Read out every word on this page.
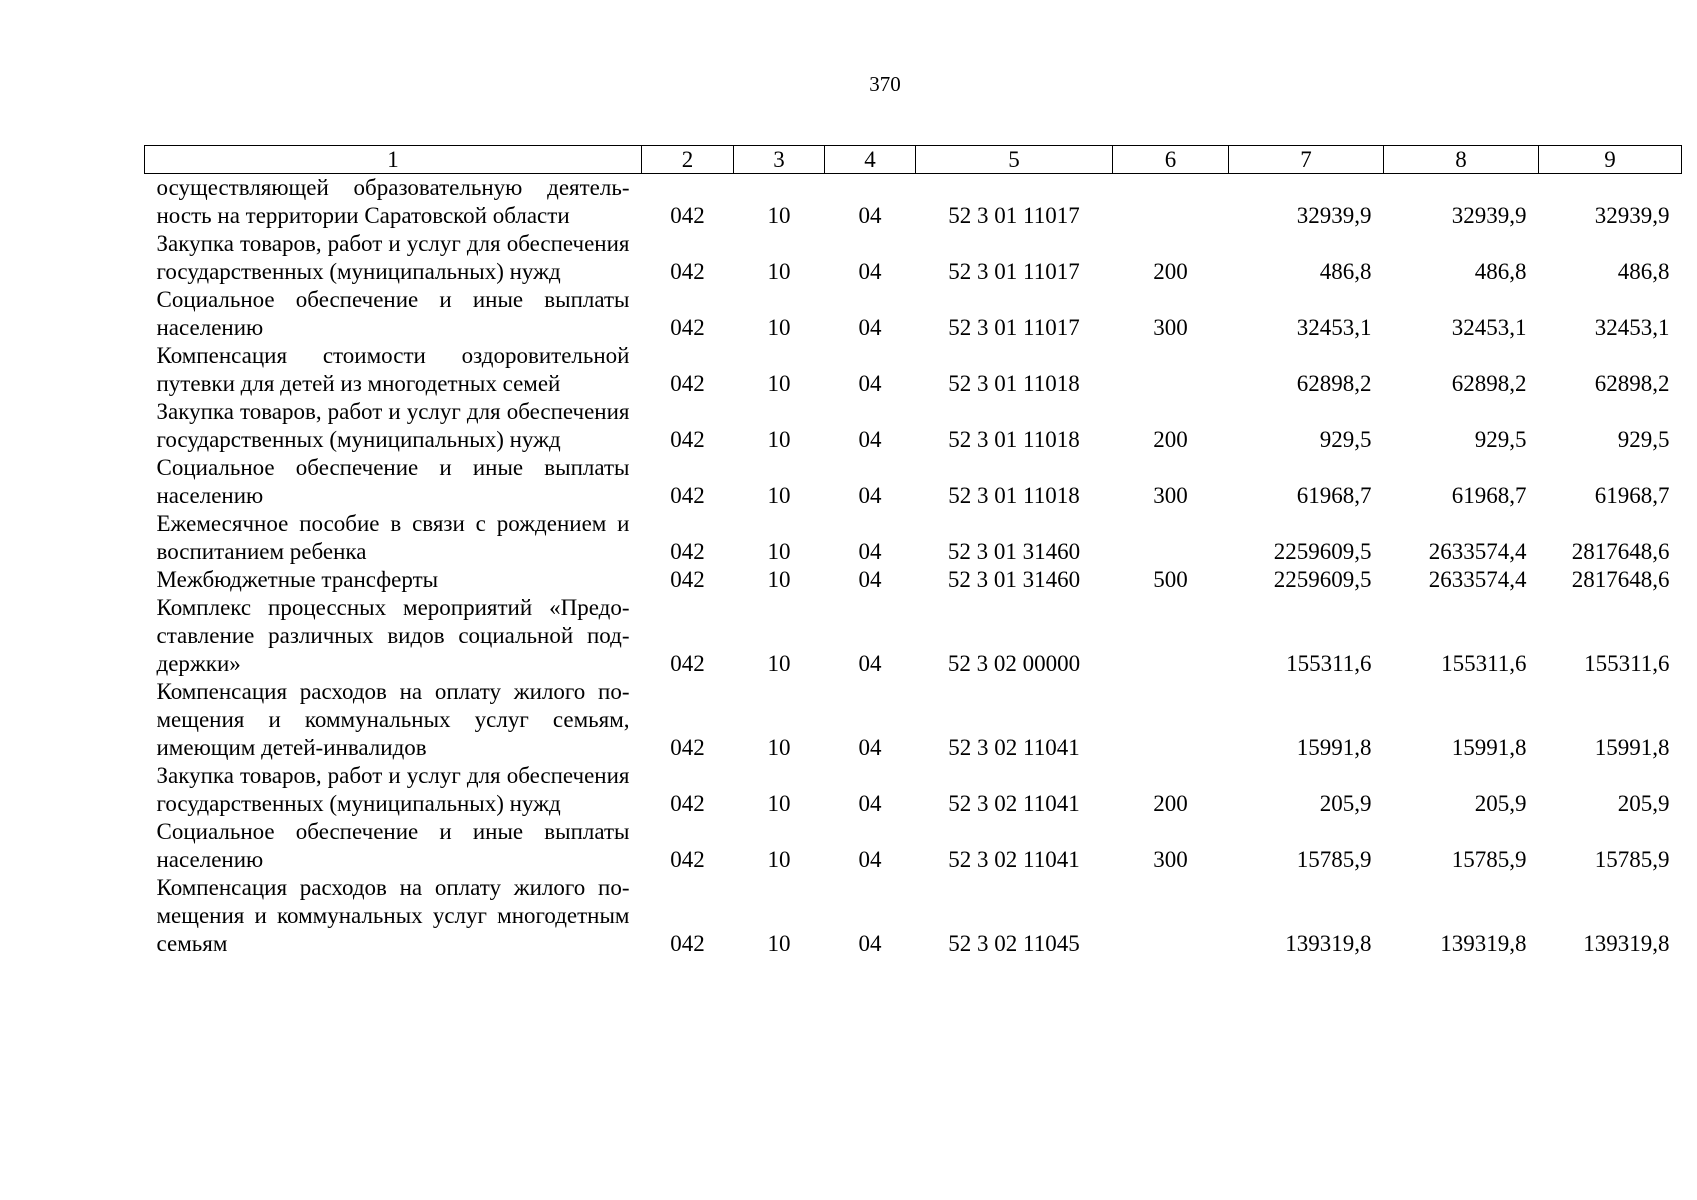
370
1	2	3	4	5	6	7	8	9
осуществляющей образовательную деятельность на территории Саратовской области	042	10	04	52 3 01 11017		32939,9	32939,9	32939,9
Закупка товаров, работ и услуг для обеспечения государственных (муниципальных) нужд	042	10	04	52 3 01 11017	200	486,8	486,8	486,8
Социальное обеспечение и иные выплаты населению	042	10	04	52 3 01 11017	300	32453,1	32453,1	32453,1
Компенсация стоимости оздоровительной путевки для детей из многодетных семей	042	10	04	52 3 01 11018		62898,2	62898,2	62898,2
Закупка товаров, работ и услуг для обеспечения государственных (муниципальных) нужд	042	10	04	52 3 01 11018	200	929,5	929,5	929,5
Социальное обеспечение и иные выплаты населению	042	10	04	52 3 01 11018	300	61968,7	61968,7	61968,7
Ежемесячное пособие в связи с рождением и воспитанием ребенка	042	10	04	52 3 01 31460		2259609,5	2633574,4	2817648,6
Межбюджетные трансферты	042	10	04	52 3 01 31460	500	2259609,5	2633574,4	2817648,6
Комплекс процессных мероприятий «Предоставление различных видов социальной поддержки»	042	10	04	52 3 02 00000		155311,6	155311,6	155311,6
Компенсация расходов на оплату жилого помещения и коммунальных услуг семьям, имеющим детей-инвалидов	042	10	04	52 3 02 11041		15991,8	15991,8	15991,8
Закупка товаров, работ и услуг для обеспечения государственных (муниципальных) нужд	042	10	04	52 3 02 11041	200	205,9	205,9	205,9
Социальное обеспечение и иные выплаты населению	042	10	04	52 3 02 11041	300	15785,9	15785,9	15785,9
Компенсация расходов на оплату жилого помещения и коммунальных услуг многодетным семьям	042	10	04	52 3 02 11045		139319,8	139319,8	139319,8
